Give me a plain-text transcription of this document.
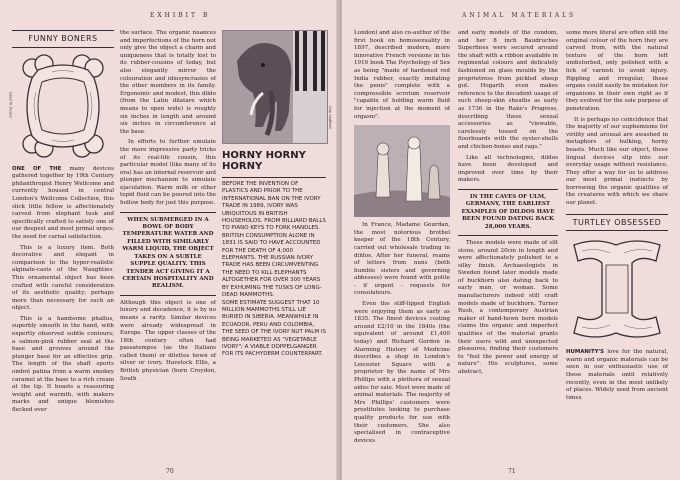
EXHIBIT B
FUNNY BONERS
Brad W. Foster

ONE OF THE many devices gathered together by 19th Century philanthropist Henry Wellcome and currently housed in central London's Wellcome Collection, this slick little fellow is affectionately carved from elephant tusk and specifically crafted to satisfy one of our deepest and most primal urges; the need for carnal satisfaction.

This is a luxury item. Both decorative and elegant in comparison to the hyper-realistic alginate-casts of the Naughties. This ornamental object has been crafted with careful consideration of its aesthetic quality; perhaps more than necessary for such an object.

This is a handsome phallus, superbly smooth in the hand, with expertly observed subtle contours; a salmon-pink rubber seal at the base and grooves around the plunger base for an effective grip. The length of the shaft sports ombré patina from a warm smokey caramel at the base to a rich cream at the tip. It boasts a reassuring weight and warmth, with makers marks and unique blemishes flecked over

the surface. The organic nuances and imperfections of the horn not only give the object a charm and uniqueness that is totally lost to its rubber-cousins of today, but also elegantly mirror the colouration and idiosyncrasies of the other members in its family. Ergonomic and modest, this dildo (from the Latin dilatare which means to open wide) is roughly six inches in length and around six inches in circumference at the base.

In efforts to further emulate the more impressive party tricks of its real-life cousin, this particular model (like many of its era) has an internal reservoir and plunger mechanism to simulate ejaculation. Warm milk or other tepid fluid can be poured into the hollow body for just this purpose.

WHEN SUBMERGED IN A BOWL OF BODY TEMPERATURE WATER AND FILLED WITH SIMILARLY WARM LIQUID, THE OBJECT TAKES ON A SUBTLE SUPPLE QUALITY. THIS TENDER ACT GIVING IT A CERTAIN HOSPITALITY AND REALISM.

Although this object is one of luxury and decadence, it is by no means a rarity. Similar devices were already widespread in Europe. The upper classes of the 18th century often had passatempos (as the Italians called them) or dilettos hewn of silver or ivory. Havelock Ellis, a British physician (born Croydon, South

Dan Stafford
HORNY HORNY HORNY
BEFORE THE INVENTION OF PLASTICS AND PRIOR TO THE INTERNATIONAL BAN ON THE IVORY TRADE IN 1989, IVORY WAS UBIQUITOUS IN BRITISH HOUSEHOLDS. FROM BILLIARD BALLS TO PIANO KEYS TO FORK HANDLES.
BRITISH CONSUMPTION ALONE IN 1831 IS SAID TO HAVE ACCOUNTED FOR THE DEATH OF 4,000 ELEPHANTS. THE RUSSIAN IVORY TRADE HAS BEEN CIRCUMVENTING THE NEED TO KILL ELEPHANTS ALTOGETHER FOR OVER 300 YEARS BY EXHUMING THE TUSKS OF LONG-DEAD MAMMOTHS.
SOME ESTIMATE SUGGEST THAT 10 MILLION MAMMOTHS STILL LIE BURIED IN SIBERIA. MEANWHILE IN ECUADOR, PERU AND COLOMBIA, THE SEED OF THE IVORY NUT PALM IS BEING MARKETED AS "VEGETABLE IVORY"; A VIABLE DOPPELGANGER FOR ITS PACHYDERM COUNTERPART.
70
ANIMAL MATERIALS

London) and also co-author of the first book on homosexuality in 1897, described modern, more innovative French versions in his 1910 book The Psychology of Sex as being "made of hardened red India rubber, exactly imitating the penis" complete with a compressible scrotum reservoir "capable of holding warm fluid for injection at the moment of orgasm".

In France, Madame Gourdan, the most notorious brothel keeper of the 18th Century, carried out wholesale trading in dildos. After her funeral, reams of letters from nuns (both humble sisters and governing abbesses) were found with polite - if urgent - requests for consolateurs.

Even the stiff-lipped English were enjoying them as early as 1835. The finest devices costing around £2/10 in the 1840s (the equivalent of around £1,400 today) and Richard Gordon in Alarming History of Medicine describes a shop in London's Leicester Square with a proprietor by the name of Mrs Phillips with a plethora of sexual aides for sale. Most were made of animal materials. The majority of Mrs Phillips' customers were prostitutes looking to purchase quality products for use with their customers. She also specialised in contraceptive devices

and early models of the condom, and her 8 inch Baudruches Superfines were secured around the shaft with a ribbon available in regimental colours and delicately fashioned on glass moulds by the proprietress from pickled sheep gut. Hogarth even makes reference to the decadent usage of such sheep-skin sheaths as early as 1736 in the Rake's Progress, describing these sexual accessories as "viewable, carelessly tossed on the floorboards with the oyster-shells and chicken-bones and rags."

Like all technologies, dildos have been developed and improved over time by their makers.

IN THE CAVES OF ULM, GERMANY, THE EARLIEST EXAMPLES OF DILDOS HAVE BEEN FOUND DATING BACK 28,000 YEARS.

These models were made of silt stone, around 20cm in length and were affectionately polished to a silky finish. Archaeologists in Sweden found later models made of buckhorn also dating back to early man, or woman. Some manufacturers indeed still craft models made of buckhorn. Turner Rush, a contemporary Austrian maker of hand-hewn horn models claims the organic and imperfect qualities of the material grants their users wild and unexpected pleasures, finding their customers to "feel the power and energy of nature". His sculptures, some abstract,

some more literal are often still the original colour of the horn they are carved from, with the natural texture of the horn left undisturbed, only polished with a lick of varnish to avoid injury. Rippling and irregular, these organs could easily be mistaken for organisms in their own right as if they evolved for the sole purpose of penetration.

It is perhaps no coincidence that the majority of our euphemisms for virility and arousal are awashed in metaphors of hulking, horny beasts. Much like our object, these lingual devices slip into our everyday usage without resistance. They offer a way for us to address our most primal instincts by borrowing the organic qualities of the creatures with which we share our planet.

TURTLEY OBSESSED

HUMANITY'S love for the natural, warm and organic materials can be seen in our enthusiastic use of these materials until relatively recently, even in the most unlikely of places. Widely used from ancient times

71
